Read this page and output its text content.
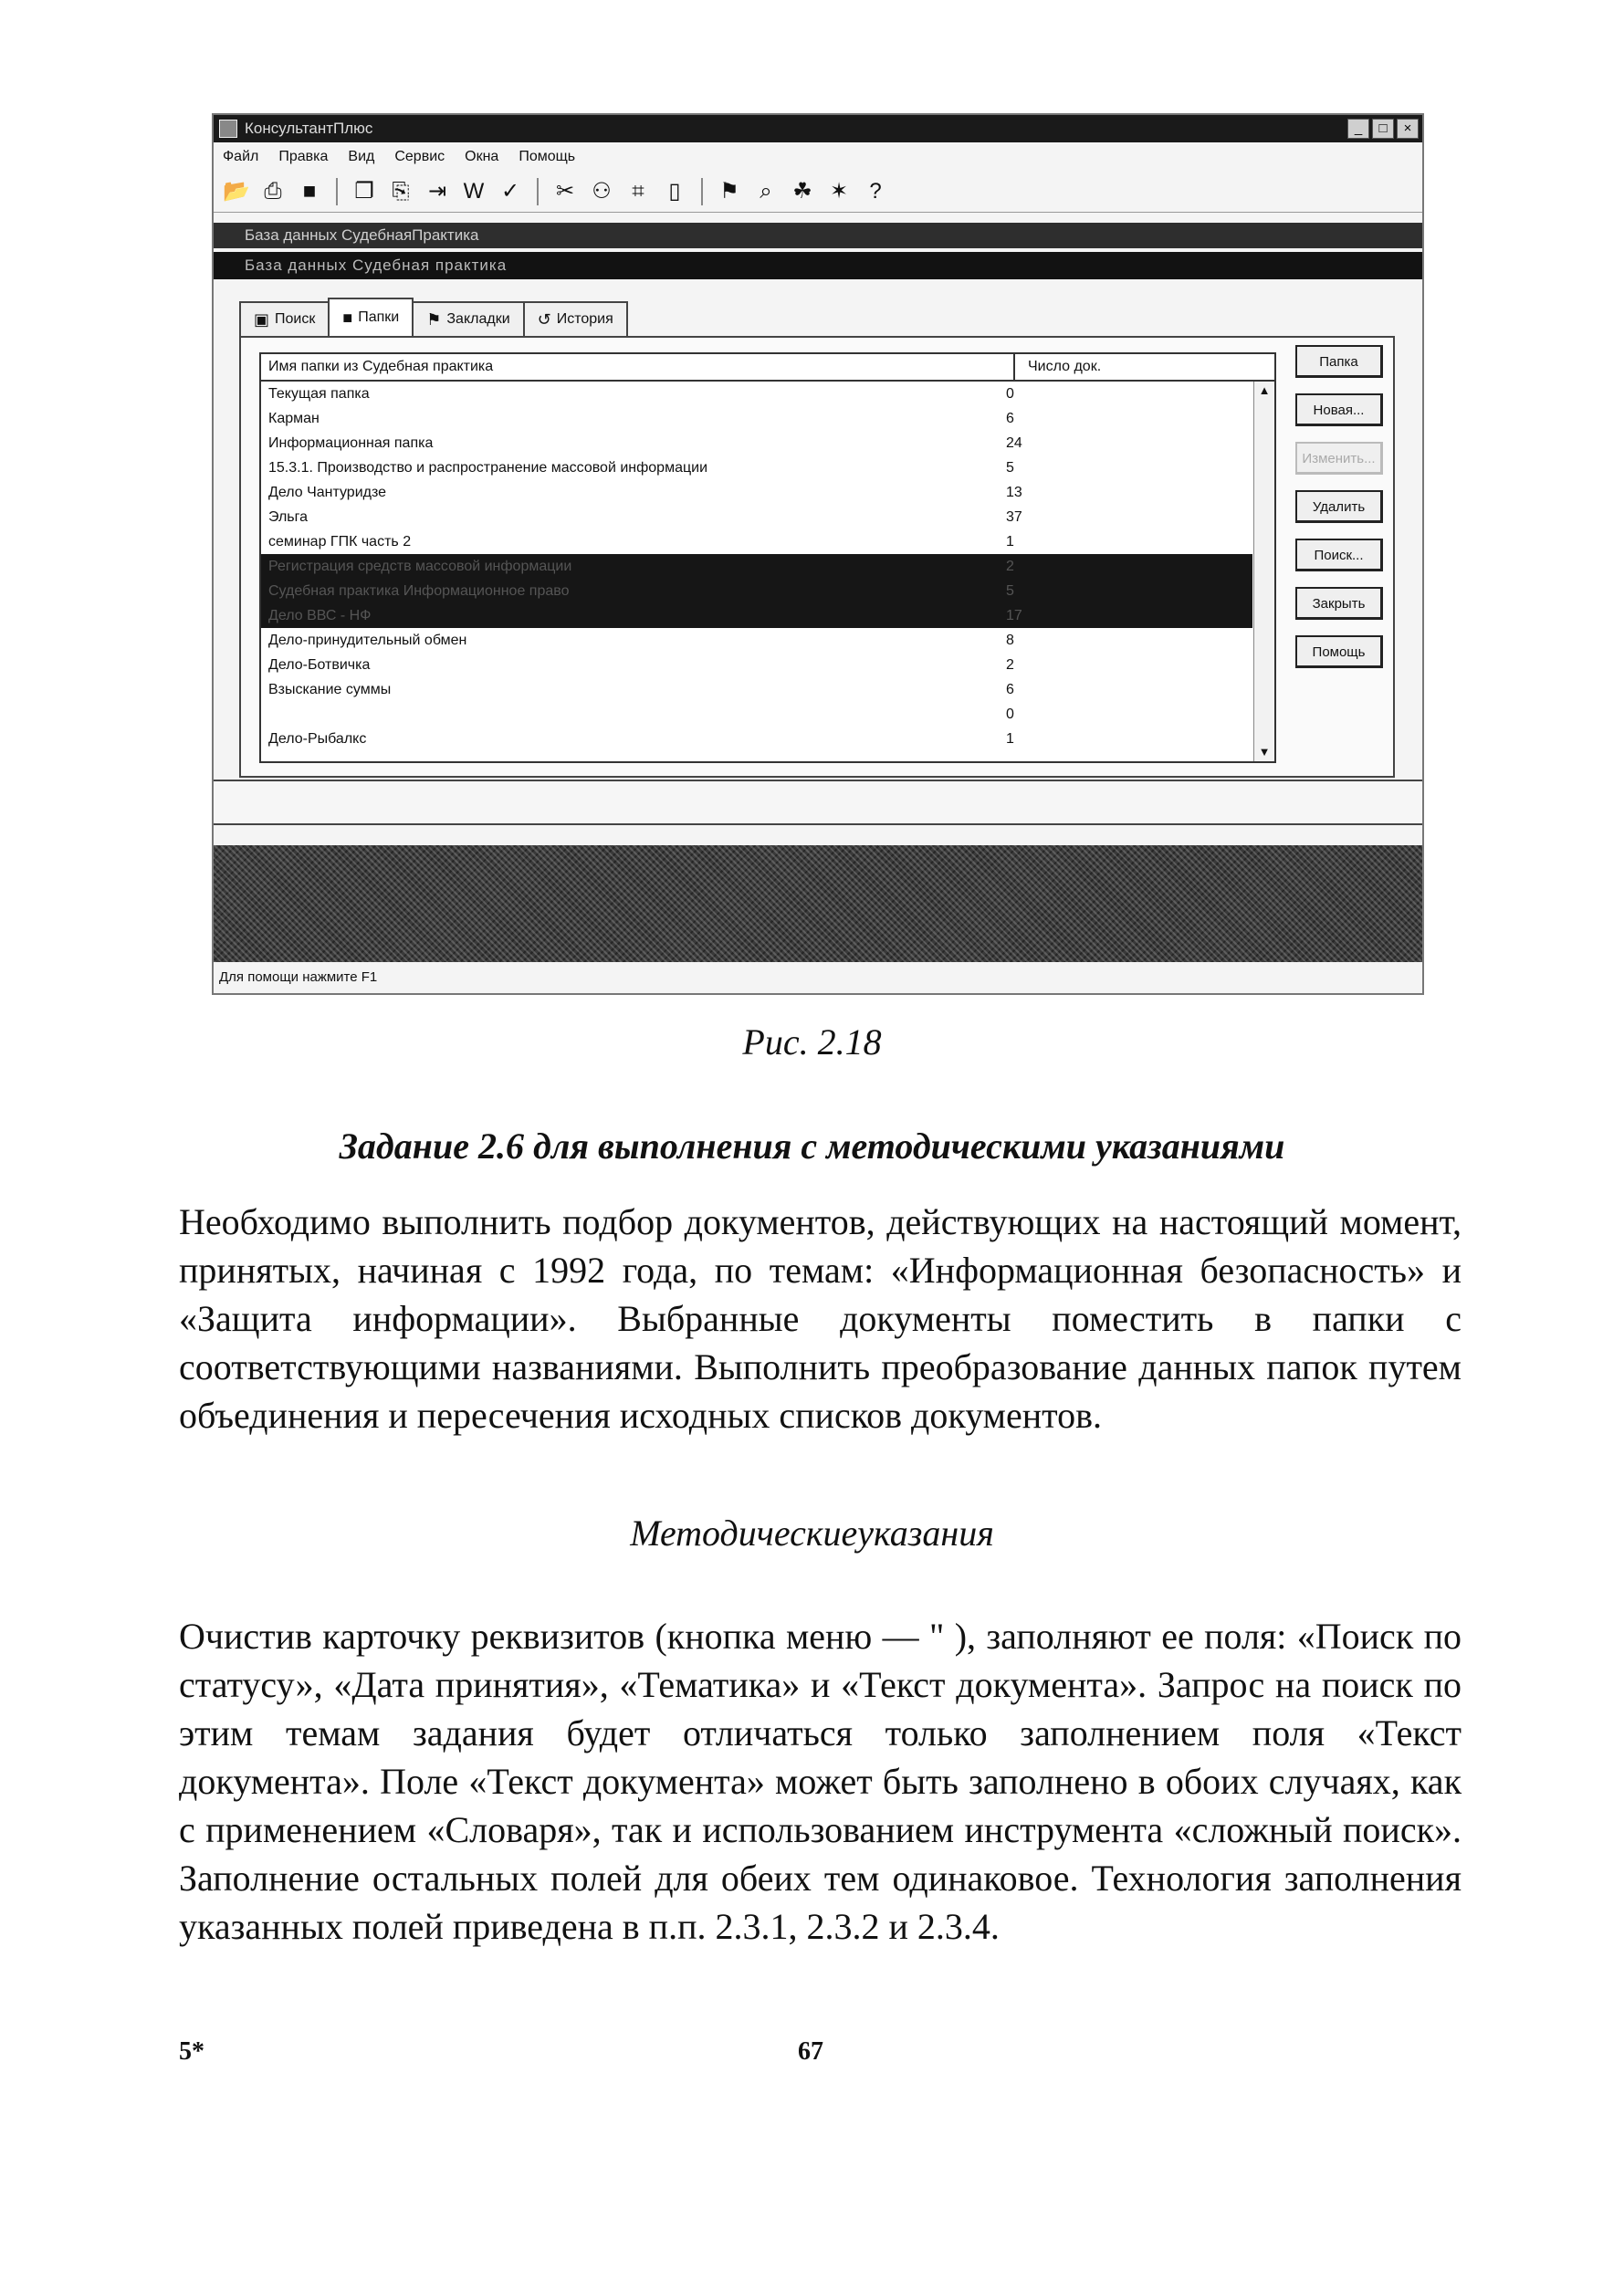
КонсультантПлюс	_	□	×
Файл Правка Вид Сервис Окна Помощь
📂 ⎙ ■	❐ ⎘ ⇥ W ✓ ✂ ⚇ ⌗	▯	⚑ ⌕ ☘ ✶ ?
База данных СудебнаяПрактика
База данных Судебная практика
▣ Поиск ■ Папки ⚑ Закладки ↺ История
Имя папки из Судебная практика	Число док.
Текущая папка	0
Карман	6
Информационная папка	24
15.3.1. Производство и распространение массовой информации	5
Дело Чантуридзе	13
Эльга	37
семинар ГПК часть 2	1
Регистрация средств массовой информации	2
Судебная практика Информационное право	5
Дело ВВС - НФ	17
Дело-принудительный обмен	8
Дело-Ботвичка	2
Взыскание суммы	6
0
Дело-Рыбалкс	1
▲
▼
Папка
Новая...
Изменить...
Удалить
Поиск...
Закрыть
Помощь
Для помощи нажмите F1
Рис. 2.18
Задание 2.6 для выполнения с методическими указаниями
Необходимо выполнить подбор документов, действующих на настоящий момент, принятых, начиная с 1992 года, по темам: «Информационная безопасность» и «Защита информации». Выбранные документы поместить в папки с соответствующими названиями. Выполнить преобразование данных папок путем объединения и пересечения исходных списков документов.
Методическиеуказания
Очистив карточку реквизитов (кнопка меню — " ), заполняют ее поля: «Поиск по статусу», «Дата принятия», «Тематика» и «Текст документа». Запрос на поиск по этим темам задания будет отличаться только заполнением поля «Текст документа». Поле «Текст документа» может быть заполнено в обоих случаях, как с применением «Словаря», так и использованием инструмента «сложный поиск». Заполнение остальных полей для обеих тем одинаковое. Технология заполнения указанных полей приведена в п.п. 2.3.1, 2.3.2 и 2.3.4.
5*	67
